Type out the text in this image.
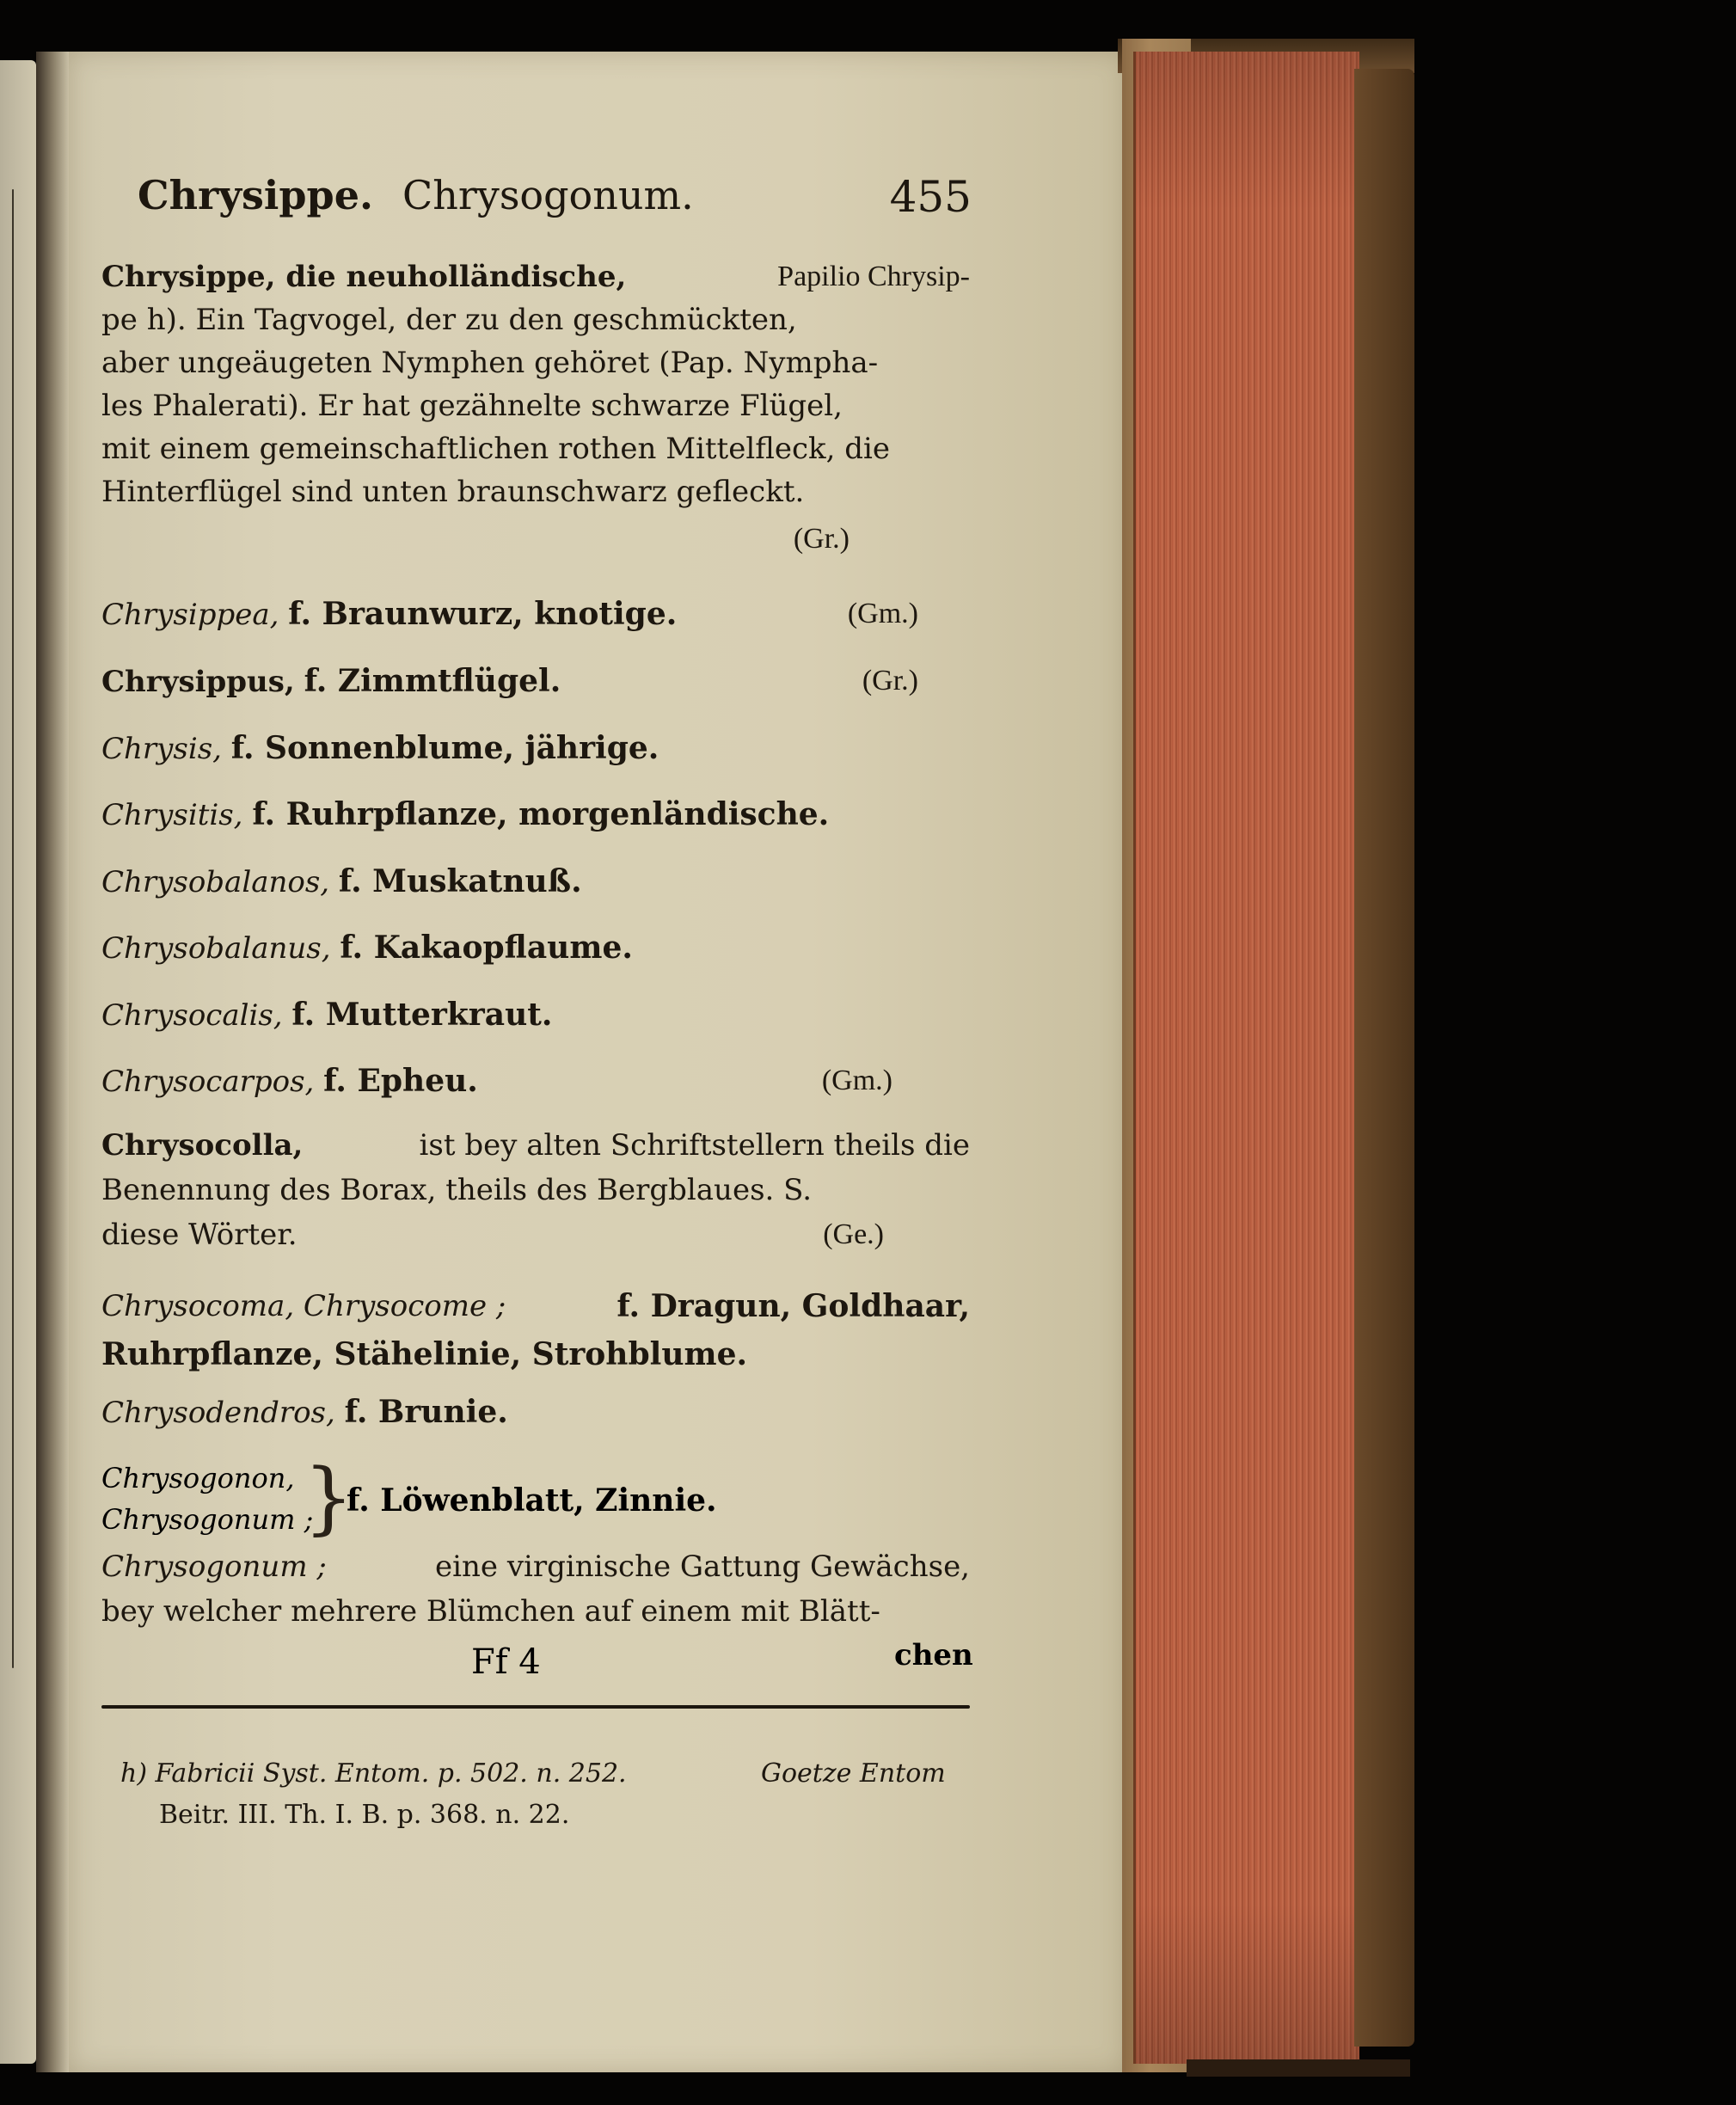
Chrysippe. Chrysogonum.	455
Chrysippe, die neuholländische,	Papilio Chrysip-
pe h). Ein Tagvogel, der zu den geschmückten,
aber ungeäugeten Nymphen gehöret (Pap. Nympha-
les Phalerati). Er hat gezähnelte schwarze Flügel,
mit einem gemeinschaftlichen rothen Mittelfleck, die
Hinterflügel sind unten braunschwarz gefleckt.
(Gr.)
Chrysippea, f. Braunwurz, knotige.	(Gm.)
Chrysippus, f. Zimmtflügel.	(Gr.)
Chrysis, f. Sonnenblume, jährige.
Chrysitis, f. Ruhrpflanze, morgenländische.
Chrysobalanos, f. Muskatnuß.
Chrysobalanus, f. Kakaopflaume.
Chrysocalis, f. Mutterkraut.
Chrysocarpos, f. Epheu.	(Gm.)
Chrysocolla,	ist bey alten Schriftstellern theils die
Benennung des Borax, theils des Bergblaues. S.
diese Wörter.	(Ge.)
Chrysocoma, Chrysocome ;	f. Dragun, Goldhaar,
Ruhrpflanze, Stähelinie, Strohblume.
Chrysodendros, f. Brunie.
Chrysogonon,
Chrysogonum ;
}
f. Löwenblatt, Zinnie.
Chrysogonum ;	eine virginische Gattung Gewächse,
bey welcher mehrere Blümchen auf einem mit Blätt-
Ff 4	chen
h) Fabricii Syst. Entom. p. 502. n. 252.	Goetze Entom
Beitr. III. Th. I. B. p. 368. n. 22.
